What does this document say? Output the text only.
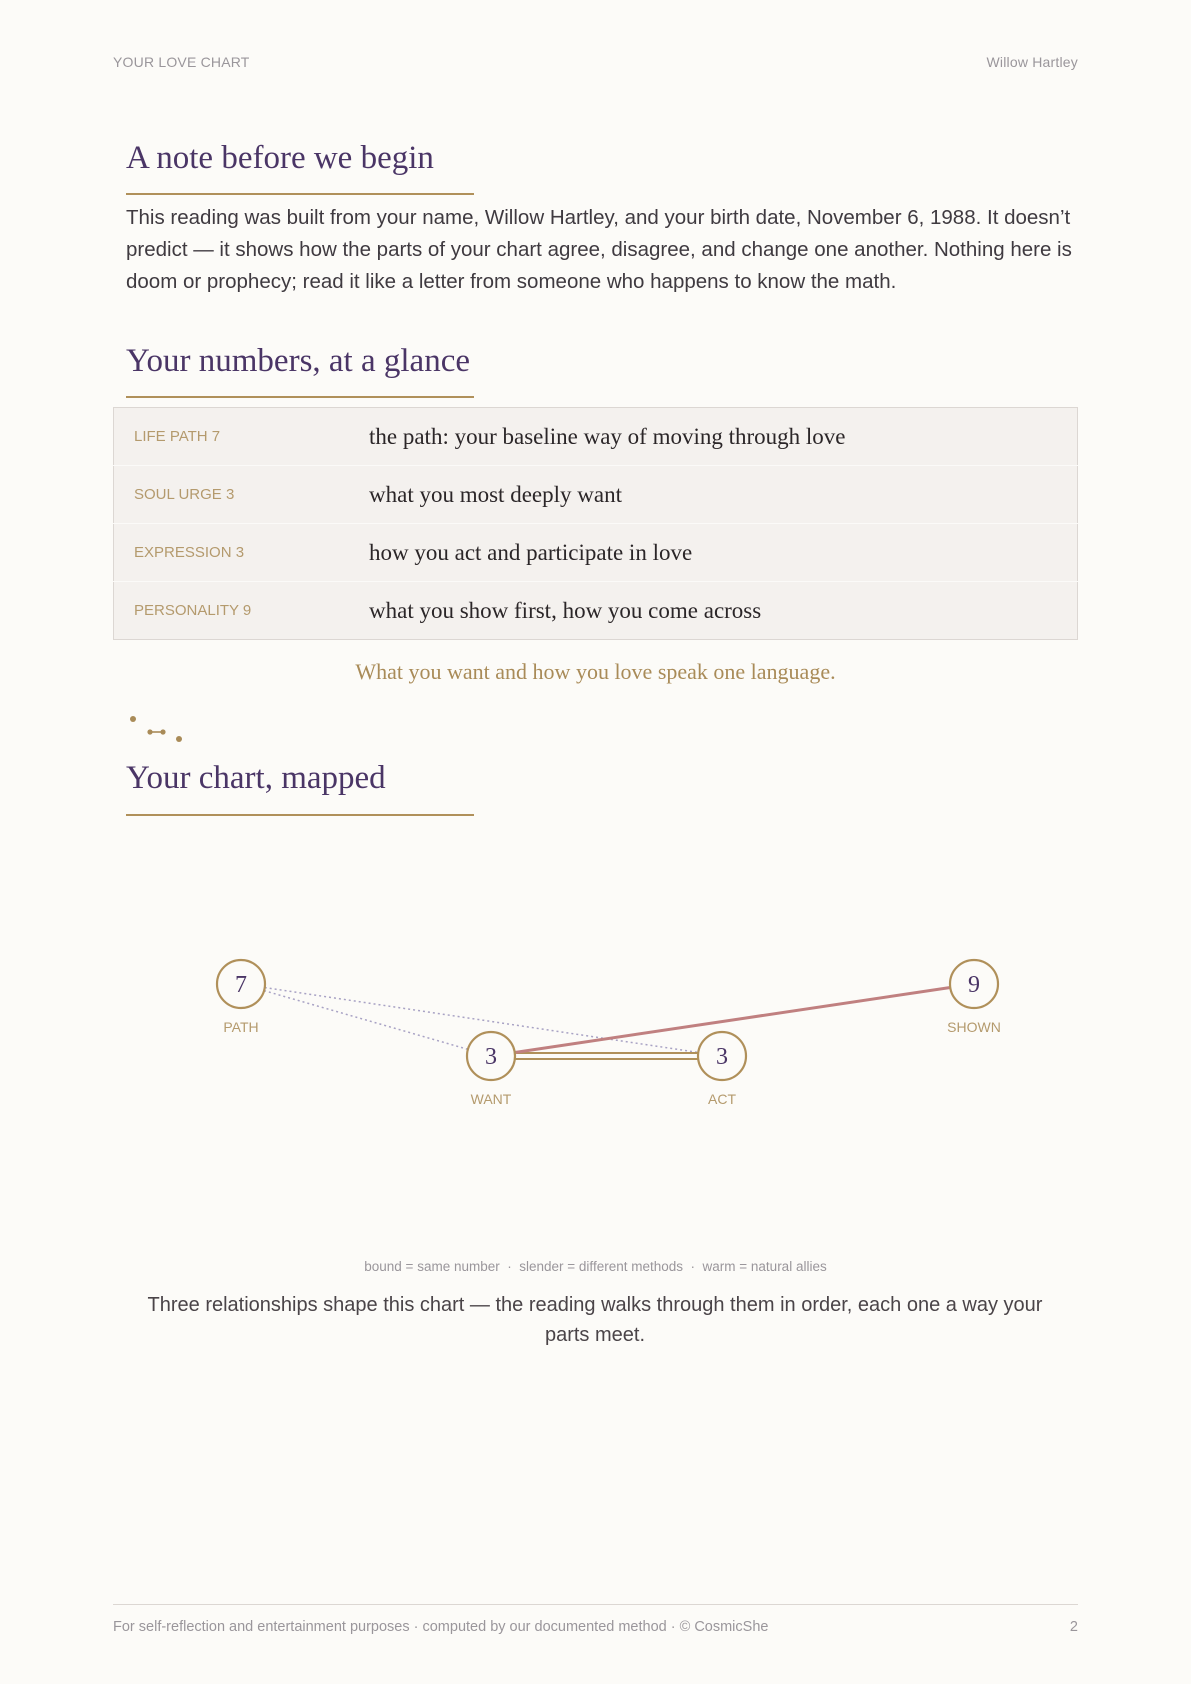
YOUR LOVE CHART	Willow Hartley
A note before we begin
This reading was built from your name, Willow Hartley, and your birth date, November 6, 1988. It doesn’t predict — it shows how the parts of your chart agree, disagree, and change one another. Nothing here is doom or prophecy; read it like a letter from someone who happens to know the math.
Your numbers, at a glance
LIFE PATH 7	the path: your baseline way of moving through love
SOUL URGE 3	what you most deeply want
EXPRESSION 3	how you act and participate in love
PERSONALITY 9	what you show first, how you come across
What you want and how you love speak one language.
Your chart, mapped
7
PATH
3
WANT
3
ACT
9
SHOWN
bound = same number · slender = different methods · warm = natural allies
Three relationships shape this chart — the reading walks through them in order, each one a way your parts meet.
For self-reflection and entertainment purposes · computed by our documented method · © CosmicShe	2
